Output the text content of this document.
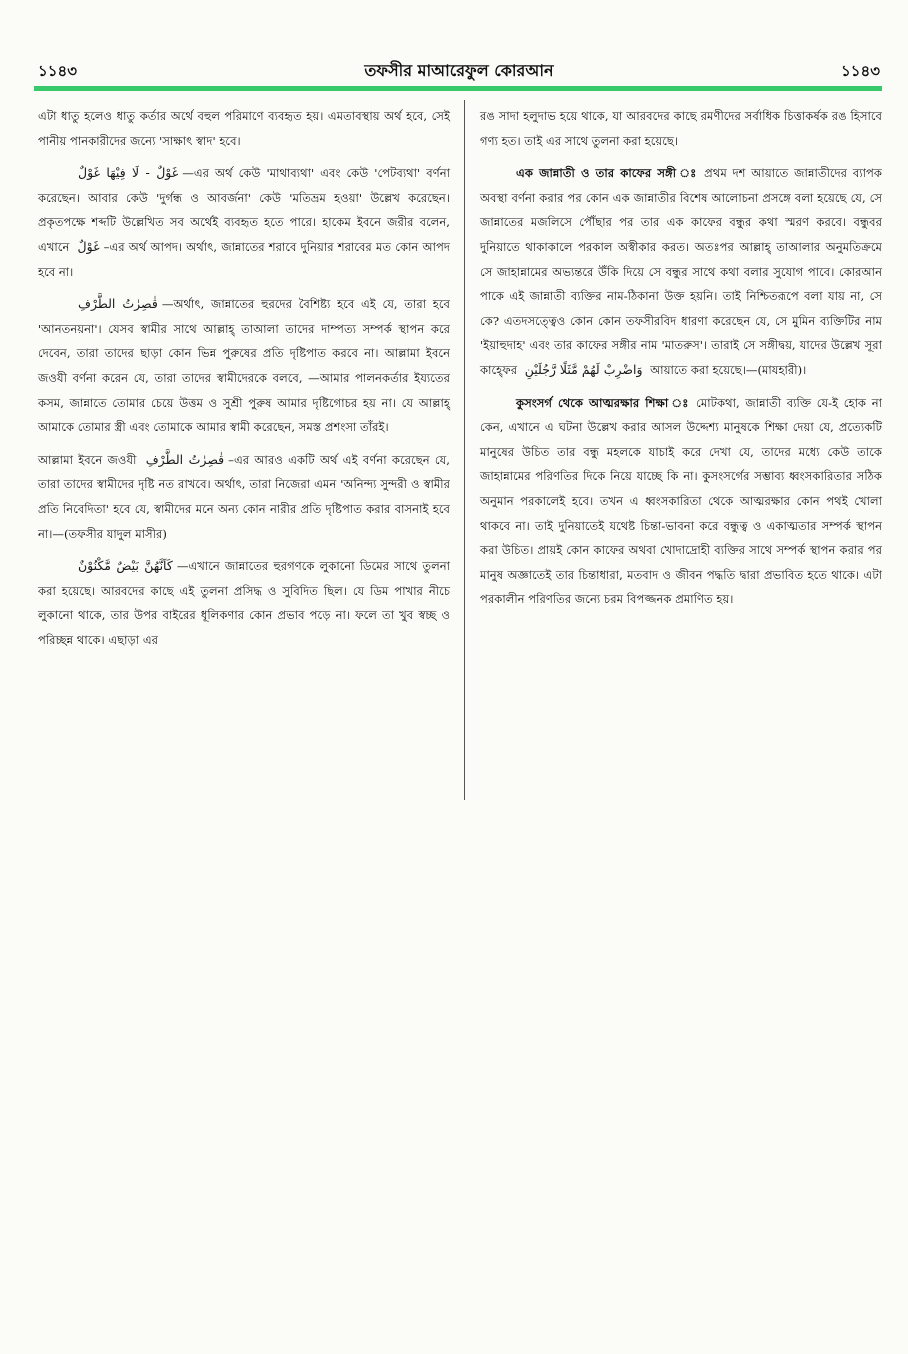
১১৪৩	তফসীর মাআরেফুল কোরআন	১১৪৩

এটা ধাতু হলেও ধাতু কর্তার অর্থে বহুল পরিমাণে ব্যবহৃত হয়। এমতাবস্থায় অর্থ হবে, সেই পানীয় পানকারীদের জন্যে 'সাক্ষাৎ স্বাদ' হবে।

غَوْلٌ - لَا فِيْهَا غَوْلٌ —এর অর্থ কেউ 'মাথাব্যথা' এবং কেউ 'পেটব্যথা' বর্ণনা করেছেন। আবার কেউ 'দুর্গন্ধ ও আবর্জনা' কেউ 'মতিভ্রম হওয়া' উল্লেখ করেছেন। প্রকৃতপক্ষে শব্দটি উল্লেখিত সব অর্থেই ব্যবহৃত হতে পারে। হাকেম ইবনে জরীর বলেন, এখানে غَوْلٌ –এর অর্থ আপদ। অর্থাৎ, জান্নাতের শরাবে দুনিয়ার শরাবের মত কোন আপদ হবে না।

قٰصِرٰتُ الطَّرْفِ —অর্থাৎ, জান্নাতের হুরদের বৈশিষ্ট্য হবে এই যে, তারা হবে 'আনতনয়না'। যেসব স্বামীর সাথে আল্লাহ্ তাআলা তাদের দাম্পত্য সম্পর্ক স্থাপন করে দেবেন, তারা তাদের ছাড়া কোন ভিন্ন পুরুষের প্রতি দৃষ্টিপাত করবে না। আল্লামা ইবনে জওযী বর্ণনা করেন যে, তারা তাদের স্বামীদেরকে বলবে, —আমার পালনকর্তার ইয্যতের কসম, জান্নাতে তোমার চেয়ে উত্তম ও সুশ্রী পুরুষ আমার দৃষ্টিগোচর হয় না। যে আল্লাহ্ আমাকে তোমার স্ত্রী এবং তোমাকে আমার স্বামী করেছেন, সমস্ত প্রশংসা তাঁরই।

আল্লামা ইবনে জওযী قٰصِرٰتُ الطَّرْفِ –এর আরও একটি অর্থ এই বর্ণনা করেছেন যে, তারা তাদের স্বামীদের দৃষ্টি নত রাখবে। অর্থাৎ, তারা নিজেরা এমন 'অনিন্দ্য সুন্দরী ও স্বামীর প্রতি নিবেদিতা' হবে যে, স্বামীদের মনে অন্য কোন নারীর প্রতি দৃষ্টিপাত করার বাসনাই হবে না।—(তফসীর যাদুল মাসীর)

كَاَنَّهُنَّ بَيْضٌ مَّكْنُوْنٌ —এখানে জান্নাতের হুরগণকে লুকানো ডিমের সাথে তুলনা করা হয়েছে। আরবদের কাছে এই তুলনা প্রসিদ্ধ ও সুবিদিত ছিল। যে ডিম পাখার নীচে লুকানো থাকে, তার উপর বাইরের ধূলিকণার কোন প্রভাব পড়ে না। ফলে তা খুব স্বচ্ছ ও পরিচ্ছন্ন থাকে। এছাড়া এর

রঙ সাদা হলুদাভ হয়ে থাকে, যা আরবদের কাছে রমণীদের সর্বাধিক চিত্তাকর্ষক রঙ হিসাবে গণ্য হত। তাই এর সাথে তুলনা করা হয়েছে।

এক জান্নাতী ও তার কাফের সঙ্গী ঃ প্রথম দশ আয়াতে জান্নাতীদের ব্যাপক অবস্থা বর্ণনা করার পর কোন এক জান্নাতীর বিশেষ আলোচনা প্রসঙ্গে বলা হয়েছে যে, সে জান্নাতের মজলিসে পৌঁছার পর তার এক কাফের বন্ধুর কথা স্মরণ করবে। বন্ধুবর দুনিয়াতে থাকাকালে পরকাল অস্বীকার করত। অতঃপর আল্লাহ্ তাআলার অনুমতিক্রমে সে জাহান্নামের অভ্যন্তরে উঁকি দিয়ে সে বন্ধুর সাথে কথা বলার সুযোগ পাবে। কোরআন পাকে এই জান্নাতী ব্যক্তির নাম-ঠিকানা উক্ত হয়নি। তাই নিশ্চিতরূপে বলা যায় না, সে কে? এতদসত্ত্বেও কোন কোন তফসীরবিদ ধারণা করেছেন যে, সে মুমিন ব্যক্তিটির নাম 'ইয়াহুদাহ' এবং তার কাফের সঙ্গীর নাম 'মাতরুস'। তারাই সে সঙ্গীদ্বয়, যাদের উল্লেখ সূরা কাহ্ফের وَاضْرِبْ لَهُمْ مَّثَلًا رَّجُلَيْنِ আয়াতে করা হয়েছে।—(মাযহারী)।

কুসংসর্গ থেকে আত্মরক্ষার শিক্ষা ঃ মোটকথা, জান্নাতী ব্যক্তি যে-ই হোক না কেন, এখানে এ ঘটনা উল্লেখ করার আসল উদ্দেশ্য মানুষকে শিক্ষা দেয়া যে, প্রত্যেকটি মানুষের উচিত তার বন্ধু মহলকে যাচাই করে দেখা যে, তাদের মধ্যে কেউ তাকে জাহান্নামের পরিণতির দিকে নিয়ে যাচ্ছে কি না। কুসংসর্গের সম্ভাব্য ধ্বংসকারিতার সঠিক অনুমান পরকালেই হবে। তখন এ ধ্বংসকারিতা থেকে আত্মরক্ষার কোন পথই খোলা থাকবে না। তাই দুনিয়াতেই যথেষ্ট চিন্তা-ভাবনা করে বন্ধুত্ব ও একাত্মতার সম্পর্ক স্থাপন করা উচিত। প্রায়ই কোন কাফের অথবা খোদাদ্রোহী ব্যক্তির সাথে সম্পর্ক স্থাপন করার পর মানুষ অজ্ঞাতেই তার চিন্তাধারা, মতবাদ ও জীবন পদ্ধতি দ্বারা প্রভাবিত হতে থাকে। এটা পরকালীন পরিণতির জন্যে চরম বিপজ্জনক প্রমাণিত হয়।
